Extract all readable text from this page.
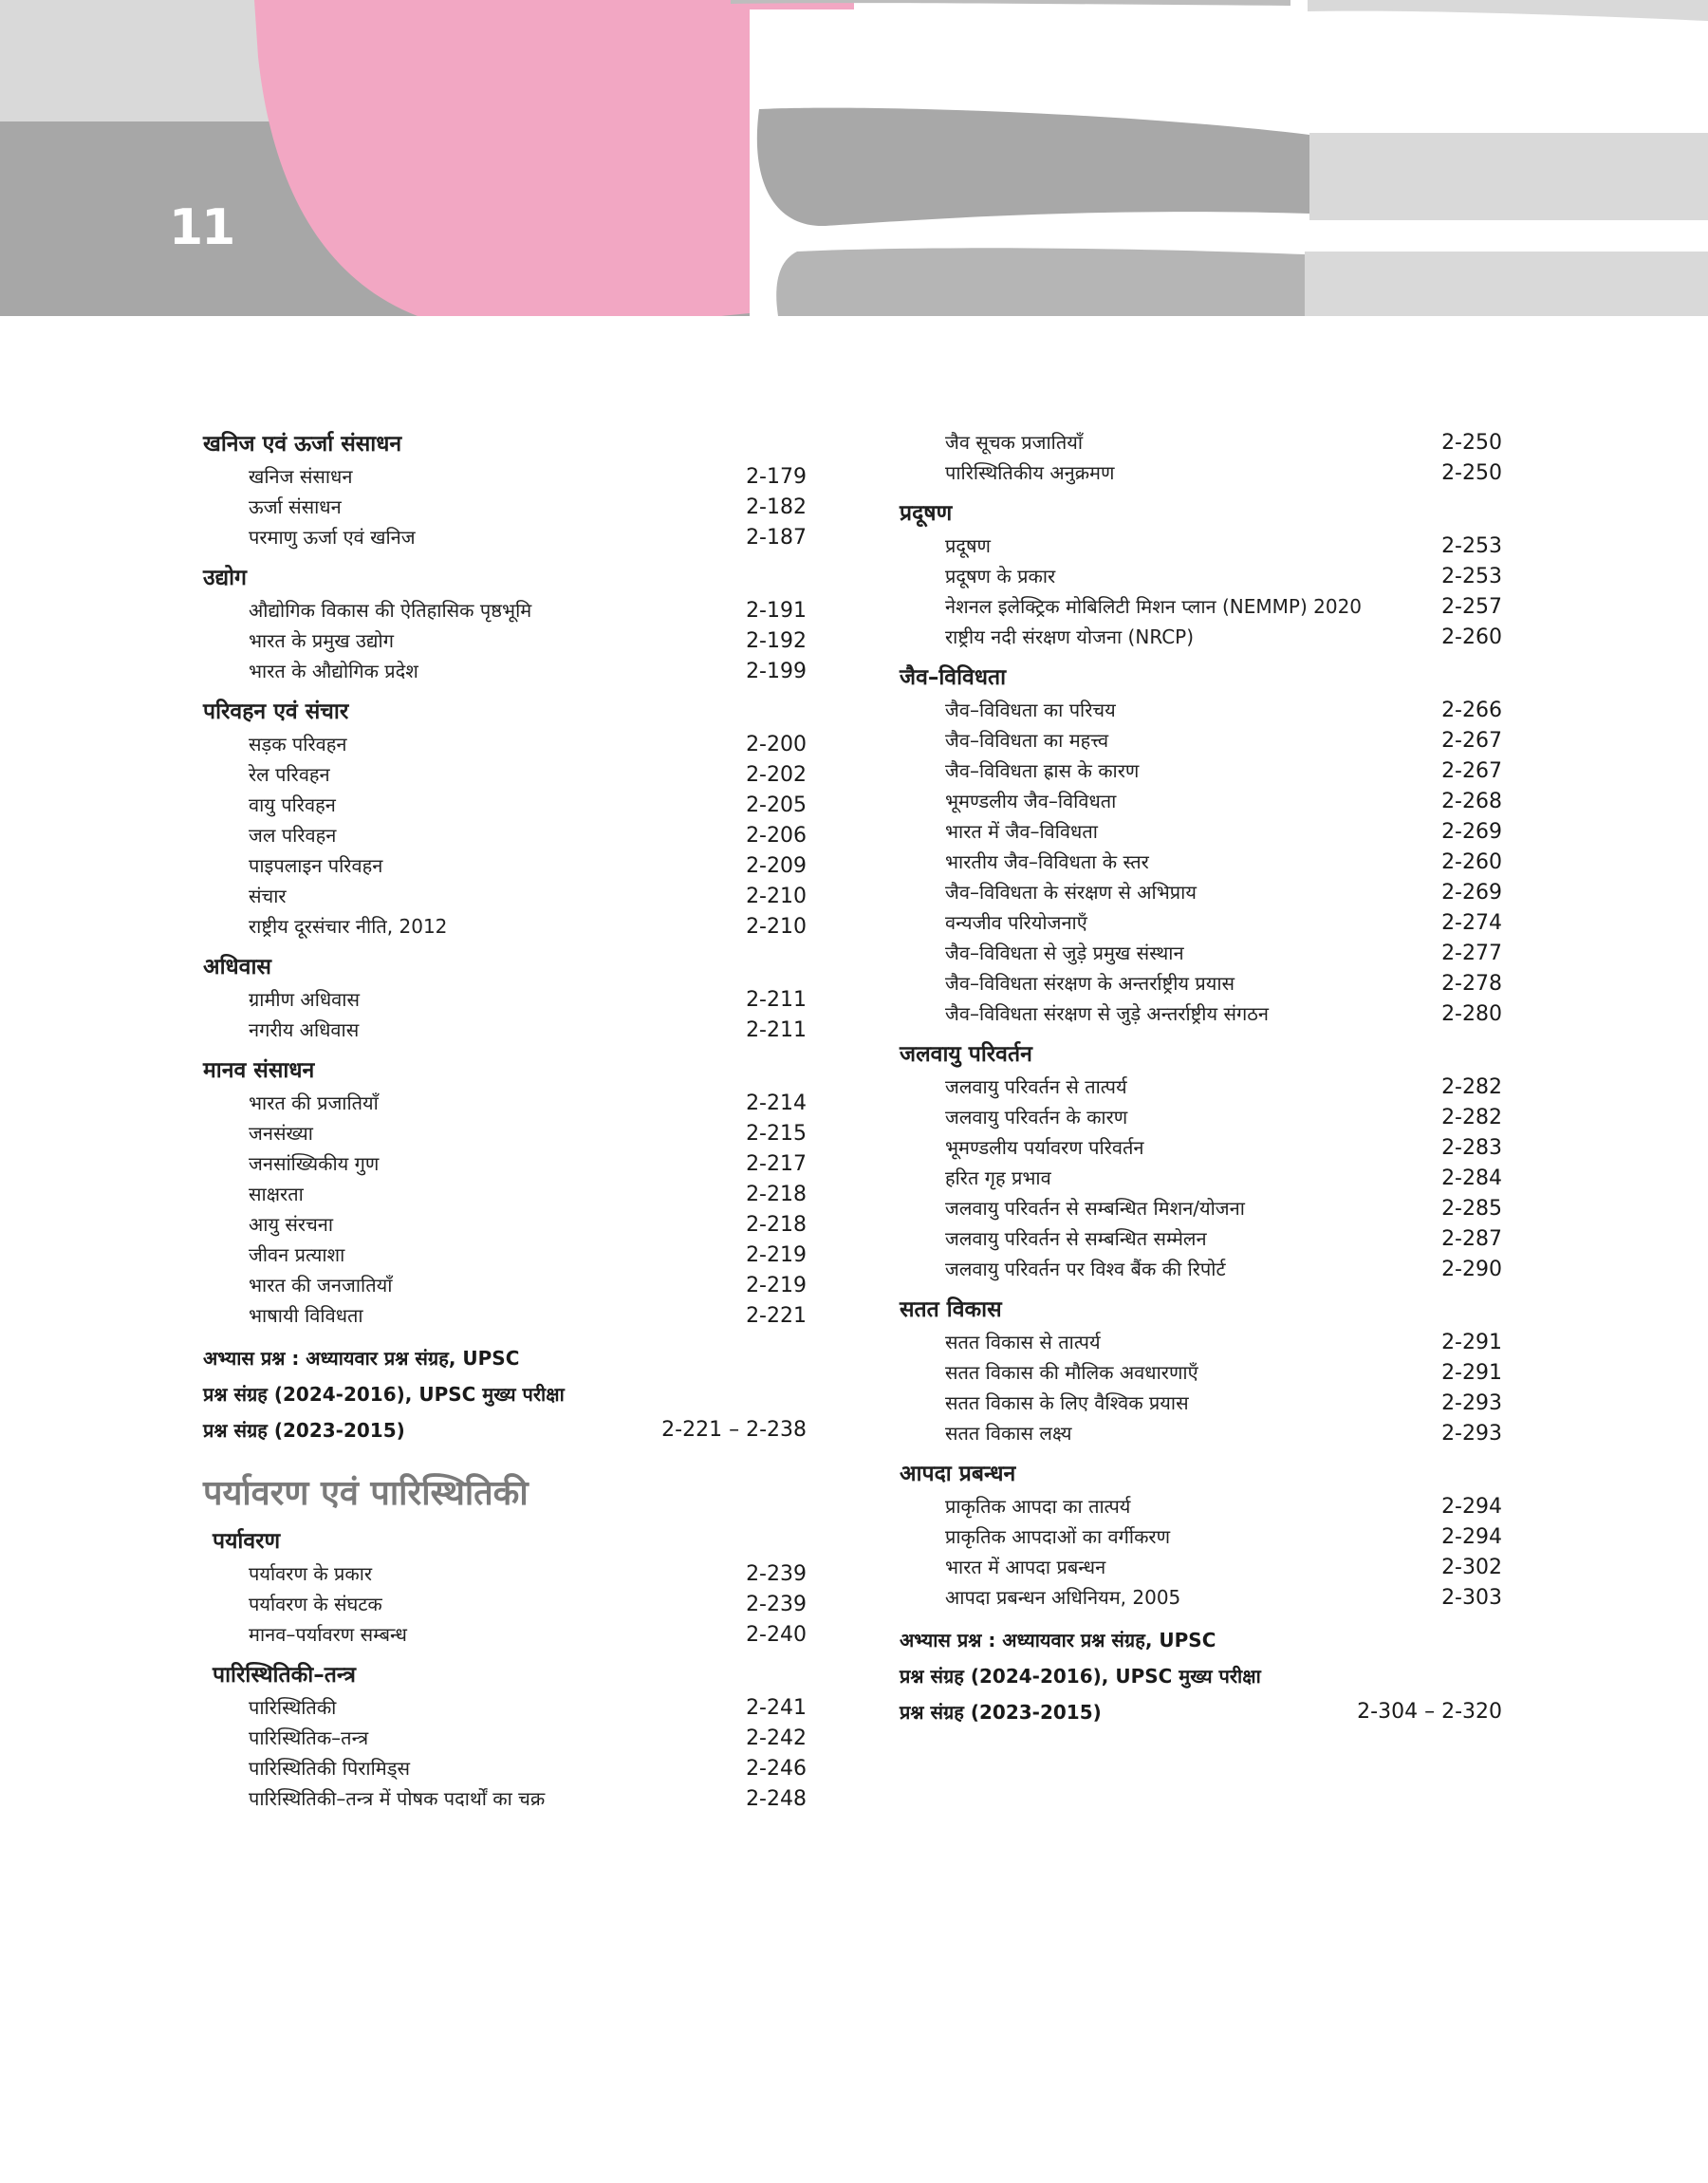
11
खनिज एवं ऊर्जा संसाधन
खनिज संसाधन	2-179
ऊर्जा संसाधन	2-182
परमाणु ऊर्जा एवं खनिज	2-187
उद्योग
औद्योगिक विकास की ऐतिहासिक पृष्ठभूमि	2-191
भारत के प्रमुख उद्योग	2-192
भारत के औद्योगिक प्रदेश	2-199
परिवहन एवं संचार
सड़क परिवहन	2-200
रेल परिवहन	2-202
वायु परिवहन	2-205
जल परिवहन	2-206
पाइपलाइन परिवहन	2-209
संचार	2-210
राष्ट्रीय दूरसंचार नीति, 2012	2-210
अधिवास
ग्रामीण अधिवास	2-211
नगरीय अधिवास	2-211
मानव संसाधन
भारत की प्रजातियाँ	2-214
जनसंख्या	2-215
जनसांख्यिकीय गुण	2-217
साक्षरता	2-218
आयु संरचना	2-218
जीवन प्रत्याशा	2-219
भारत की जनजातियाँ	2-219
भाषायी विविधता	2-221
अभ्यास प्रश्न : अध्यायवार प्रश्न संग्रह, UPSC
प्रश्न संग्रह (2024-2016), UPSC मुख्य परीक्षा
प्रश्न संग्रह (2023-2015)	2-221 – 2-238
पर्यावरण एवं पारिस्थितिकी
पर्यावरण
पर्यावरण के प्रकार	2-239
पर्यावरण के संघटक	2-239
मानव–पर्यावरण सम्बन्ध	2-240
पारिस्थितिकी–तन्त्र
पारिस्थितिकी	2-241
पारिस्थितिक–तन्त्र	2-242
पारिस्थितिकी पिरामिड्स	2-246
पारिस्थितिकी–तन्त्र में पोषक पदार्थों का चक्र	2-248
जैव सूचक प्रजातियाँ	2-250
पारिस्थितिकीय अनुक्रमण	2-250
प्रदूषण
प्रदूषण	2-253
प्रदूषण के प्रकार	2-253
नेशनल इलेक्ट्रिक मोबिलिटी मिशन प्लान (NEMMP) 2020	2-257
राष्ट्रीय नदी संरक्षण योजना (NRCP)	2-260
जैव–विविधता
जैव–विविधता का परिचय	2-266
जैव–विविधता का महत्त्व	2-267
जैव–विविधता ह्रास के कारण	2-267
भूमण्डलीय जैव–विविधता	2-268
भारत में जैव–विविधता	2-269
भारतीय जैव–विविधता के स्तर	2-260
जैव–विविधता के संरक्षण से अभिप्राय	2-269
वन्यजीव परियोजनाएँ	2-274
जैव–विविधता से जुड़े प्रमुख संस्थान	2-277
जैव–विविधता संरक्षण के अन्तर्राष्ट्रीय प्रयास	2-278
जैव–विविधता संरक्षण से जुड़े अन्तर्राष्ट्रीय संगठन	2-280
जलवायु परिवर्तन
जलवायु परिवर्तन से तात्पर्य	2-282
जलवायु परिवर्तन के कारण	2-282
भूमण्डलीय पर्यावरण परिवर्तन	2-283
हरित गृह प्रभाव	2-284
जलवायु परिवर्तन से सम्बन्धित मिशन/योजना	2-285
जलवायु परिवर्तन से सम्बन्धित सम्मेलन	2-287
जलवायु परिवर्तन पर विश्व बैंक की रिपोर्ट	2-290
सतत विकास
सतत विकास से तात्पर्य	2-291
सतत विकास की मौलिक अवधारणाएँ	2-291
सतत विकास के लिए वैश्विक प्रयास	2-293
सतत विकास लक्ष्य	2-293
आपदा प्रबन्धन
प्राकृतिक आपदा का तात्पर्य	2-294
प्राकृतिक आपदाओं का वर्गीकरण	2-294
भारत में आपदा प्रबन्धन	2-302
आपदा प्रबन्धन अधिनियम, 2005	2-303
अभ्यास प्रश्न : अध्यायवार प्रश्न संग्रह, UPSC
प्रश्न संग्रह (2024-2016), UPSC मुख्य परीक्षा
प्रश्न संग्रह (2023-2015)	2-304 – 2-320
